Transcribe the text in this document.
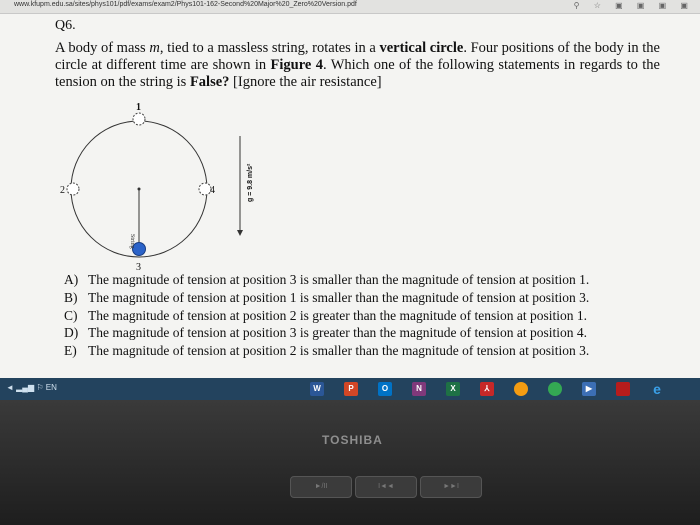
www.kfupm.edu.sa/sites/phys101/pdf/exams/exam2/Phys101-162-Second%20Major%20_Zero%20Version.pdf	⚲ ☆ ▣ ▣ ▣ ▣
Q6.
A body of mass m, tied to a massless string, rotates in a vertical circle. Four positions of the body in the circle at different time are shown in Figure 4. Which one of the following statements in regards to the tension on the string is False? [Ignore the air resistance]
1
2	4
3
String
g = 9.8 m/s²
A) The magnitude of tension at position 3 is smaller than the magnitude of tension at position 1.
B) The magnitude of tension at position 1 is smaller than the magnitude of tension at position 3.
C) The magnitude of tension at position 2 is greater than the magnitude of tension at position 1.
D) The magnitude of tension at position 3 is greater than the magnitude of tension at position 4.
E) The magnitude of tension at position 2 is smaller than the magnitude of tension at position 3.
◄ ▂▄▆ ⚐ EN	W	P	O	N	X	⅄	▶	e
TOSHIBA
►/II	I◄◄	►►I
